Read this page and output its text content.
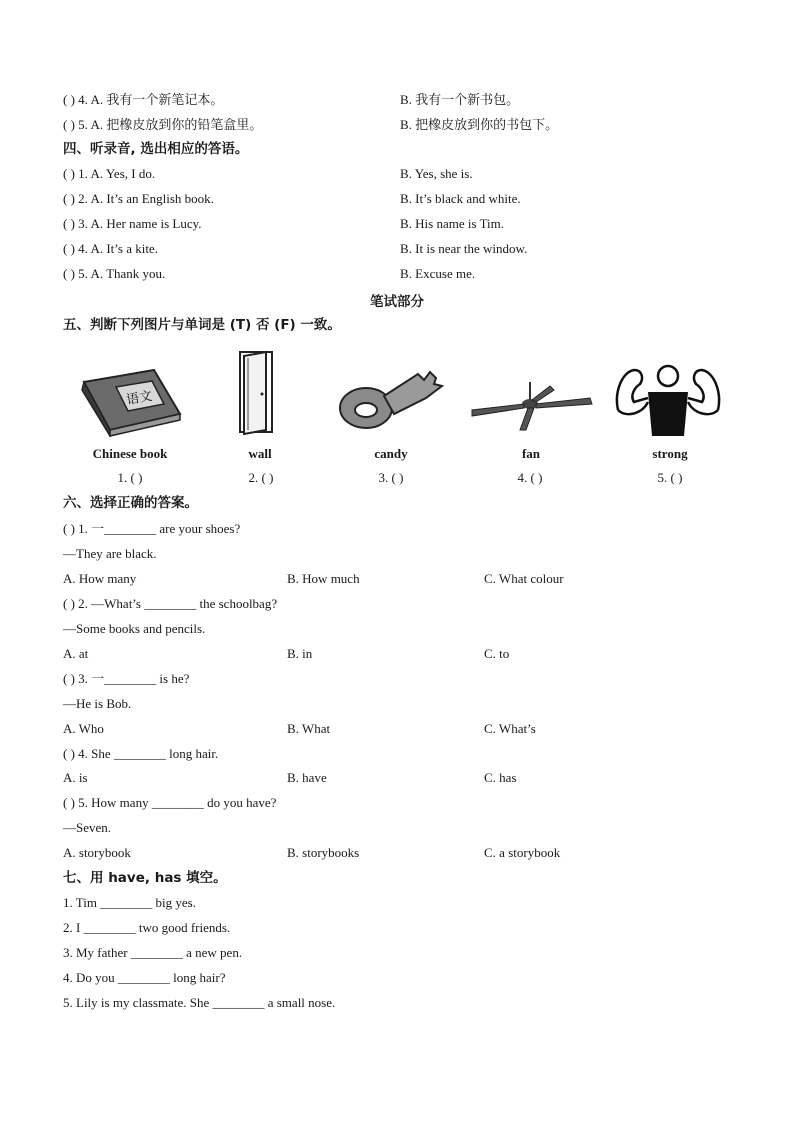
( ) 4. A. 我有一个新笔记本。	B. 我有一个新书包。
( ) 5. A. 把橡皮放到你的铅笔盒里。	B. 把橡皮放到你的书包下。
四、听录音, 选出相应的答语。
( ) 1. A. Yes, I do.	B. Yes, she is.
( ) 2. A. It’s an English book.	B. It’s black and white.
( ) 3. A. Her name is Lucy.	B. His name is Tim.
( ) 4. A. It’s a kite.	B. It is near the window.
( ) 5. A. Thank you.	B. Excuse me.
笔试部分
五、判断下列图片与单词是 (T) 否 (F) 一致。
语文
Chinese book	wall	candy	fan	strong
1. ( )	2. ( )	3. ( )	4. ( )	5. ( )
六、选择正确的答案。
( ) 1. 一________ are your shoes?
—They are black.
A. How many	B. How much	C. What colour
( ) 2. —What’s ________ the schoolbag?
—Some books and pencils.
A. at	B. in	C. to
( ) 3. 一________ is he?
—He is Bob.
A. Who	B. What	C. What’s
( ) 4. She ________ long hair.
A. is	B. have	C. has
( ) 5. How many ________ do you have?
—Seven.
A. storybook	B. storybooks	C. a storybook
七、用 have, has 填空。
1. Tim ________ big yes.
2. I ________ two good friends.
3. My father ________ a new pen.
4. Do you ________ long hair?
5. Lily is my classmate. She ________ a small nose.
